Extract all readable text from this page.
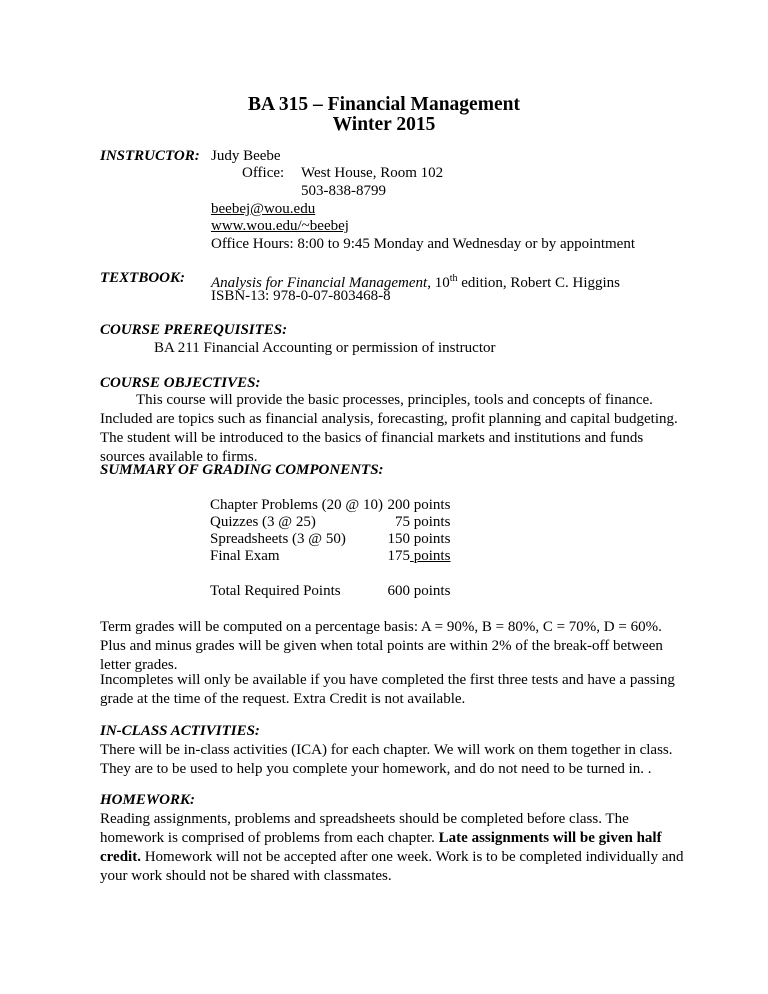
BA 315 – Financial Management
Winter 2015
INSTRUCTOR: Judy Beebe
Office: West House, Room 102
503-838-8799
beebej@wou.edu
www.wou.edu/~beebej
Office Hours: 8:00 to 9:45 Monday and Wednesday or by appointment
TEXTBOOK: Analysis for Financial Management, 10th edition, Robert C. Higgins
ISBN-13: 978-0-07-803468-8
COURSE PREREQUISITES:
BA 211 Financial Accounting or permission of instructor
COURSE OBJECTIVES:
This course will provide the basic processes, principles, tools and concepts of finance. Included are topics such as financial analysis, forecasting, profit planning and capital budgeting. The student will be introduced to the basics of financial markets and institutions and funds sources available to firms.
SUMMARY OF GRADING COMPONENTS:
Chapter Problems (20 @ 10) 200 points
Quizzes (3 @ 25)	75 points
Spreadsheets (3 @ 50)	150 points
Final Exam	175 points
Total Required Points	600 points
Term grades will be computed on a percentage basis: A = 90%, B = 80%, C = 70%, D = 60%. Plus and minus grades will be given when total points are within 2% of the break-off between letter grades.
Incompletes will only be available if you have completed the first three tests and have a passing grade at the time of the request. Extra Credit is not available.
IN-CLASS ACTIVITIES:
There will be in-class activities (ICA) for each chapter. We will work on them together in class. They are to be used to help you complete your homework, and do not need to be turned in. .
HOMEWORK:
Reading assignments, problems and spreadsheets should be completed before class. The homework is comprised of problems from each chapter. Late assignments will be given half credit. Homework will not be accepted after one week. Work is to be completed individually and your work should not be shared with classmates.
